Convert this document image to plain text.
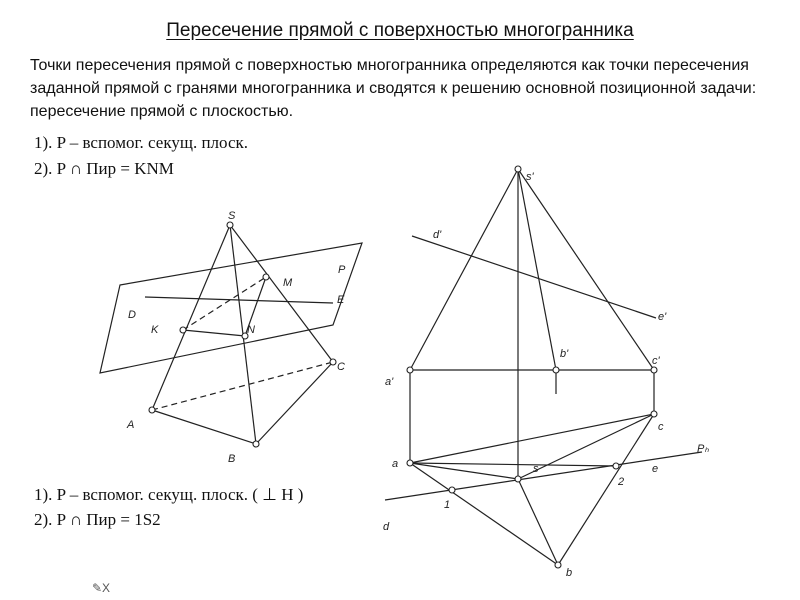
Пересечение прямой с поверхностью многогранника

Точки пересечения прямой с поверхностью многогранника определяются как точки пересечения заданной прямой с гранями многогранника и сводятся к решению основной позиционной задачи: пересечение прямой с плоскостью.

1). P – вспомог. секущ. плоск.
2). P ∩ Пир = KNM
1). P – вспомог. секущ. плоск. ( ⊥ H )
2). P ∩ Пир = 1S2
S
P
M
E
D
K	N
C
A
B
s'
d'
e'
b'
c'
a'
c
a	s
Pₕ
e
1
2
d
b
✎X
